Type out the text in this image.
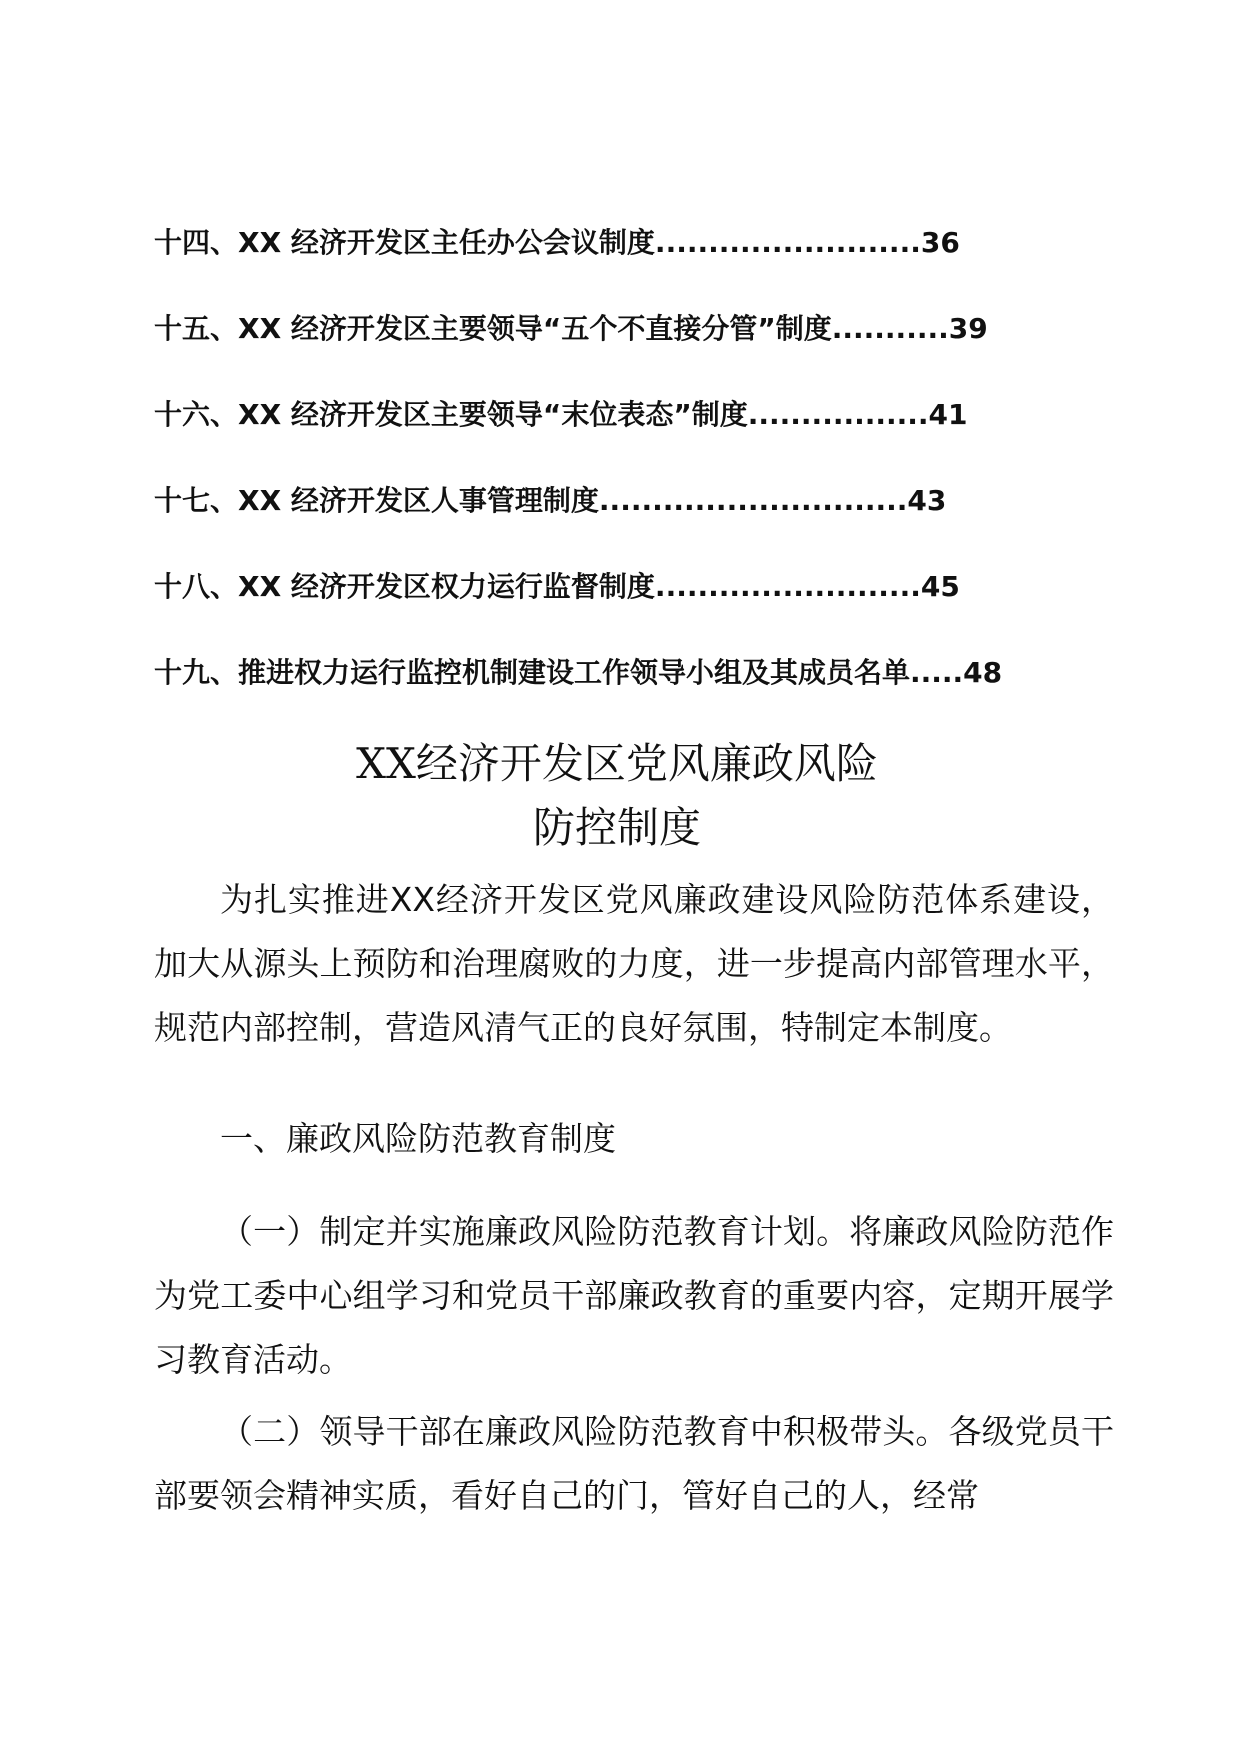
十四、XX 经济开发区主任办公会议制度.........................36
十五、XX 经济开发区主要领导“五个不直接分管”制度...........39
十六、XX 经济开发区主要领导“末位表态”制度.................41
十七、XX 经济开发区人事管理制度.............................43
十八、XX 经济开发区权力运行监督制度.........................45
十九、推进权力运行监控机制建设工作领导小组及其成员名单.....48
XX经济开发区党风廉政风险
防控制度
为扎实推进XX经济开发区党风廉政建设风险防范体系建设，加大从源头上预防和治理腐败的力度，进一步提高内部管理水平，规范内部控制，营造风清气正的良好氛围，特制定本制度。
一、廉政风险防范教育制度
（一）制定并实施廉政风险防范教育计划。将廉政风险防范作为党工委中心组学习和党员干部廉政教育的重要内容，定期开展学习教育活动。
（二）领导干部在廉政风险防范教育中积极带头。各级党员干部要领会精神实质，看好自己的门，管好自己的人，经常
